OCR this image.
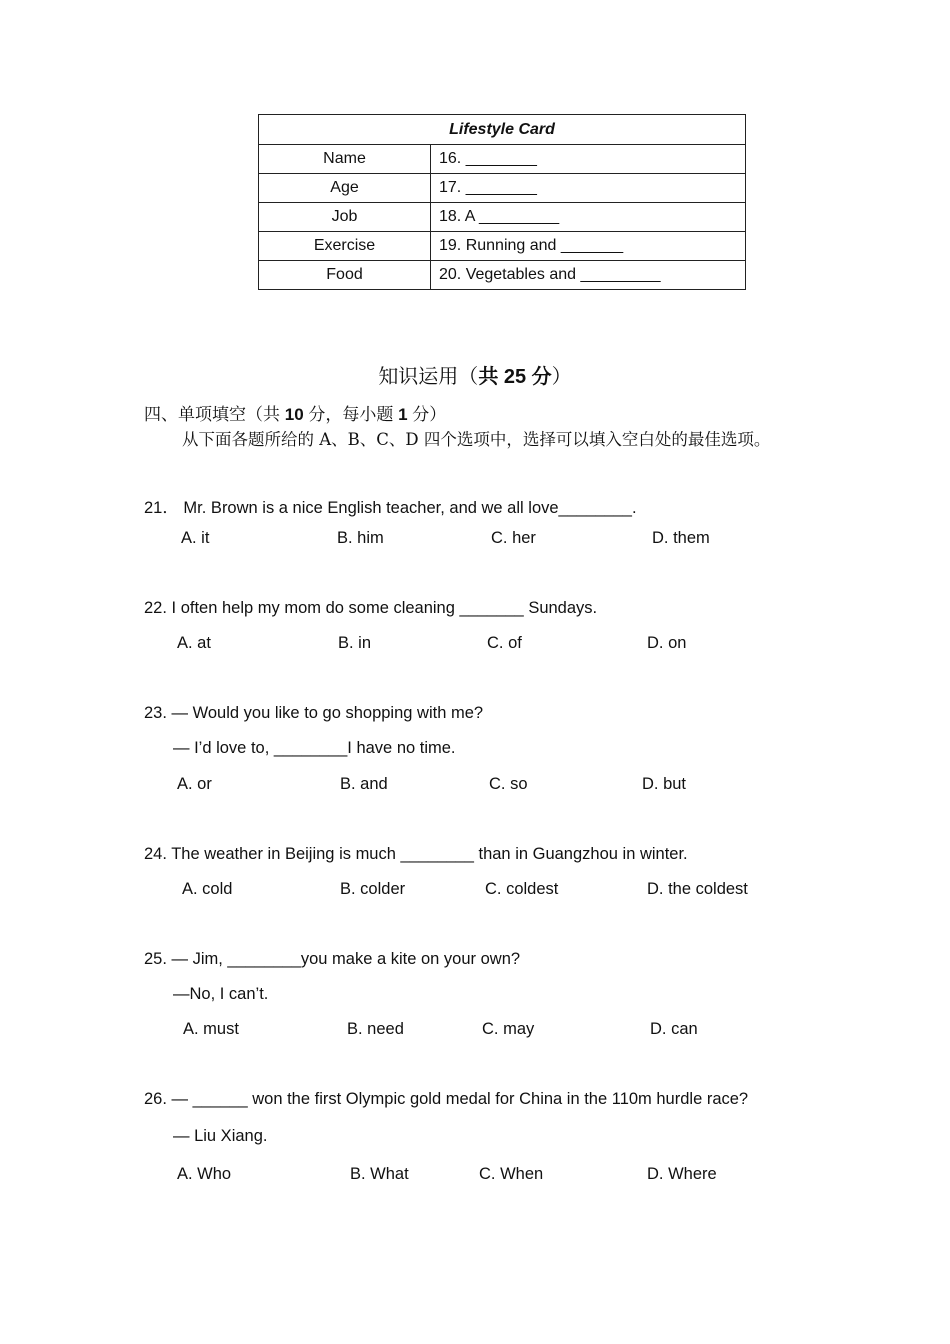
Lifestyle Card	
Name	16. ________
Age	17. ________
Job	18. A _________
Exercise	19. Running and _______
Food	20. Vegetables and _________
知识运用（共 25 分）
四、单项填空（共 10 分，每小题 1 分）
从下面各题所给的 A、B、C、D 四个选项中，选择可以填入空白处的最佳选项。
21． Mr. Brown is a nice English teacher, and we all love________.
A. it	B. him	C. her	D. them
22. I often help my mom do some cleaning _______ Sundays.
A. at	B. in	C. of	D. on
23. — Would you like to go shopping with me?
— I’d love to, ________I have no time.
A. or	B. and	C. so	D. but
24. The weather in Beijing is much ________ than in Guangzhou in winter.
A. cold	B. colder	C. coldest	D. the coldest
25. — Jim, ________you make a kite on your own?
—No, I can’t.
A. must	B. need	C. may	D. can
26. — ______ won the first Olympic gold medal for China in the 110m hurdle race?
— Liu Xiang.
A. Who	B. What	C. When	D. Where
